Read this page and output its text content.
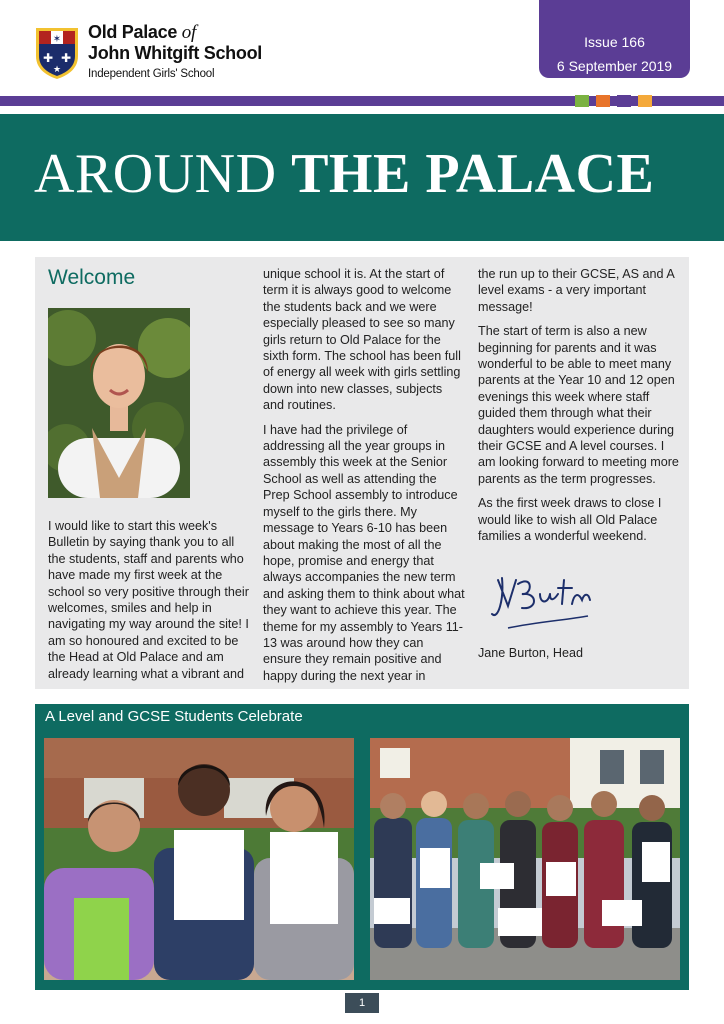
✶
✚ ✚
★
Old Palace of
John Whitgift School
Independent Girls' School
Issue 166
6 September 2019
AROUND THE PALACE
Welcome

I would like to start this week's Bulletin by saying thank you to all the students, staff and parents who have made my first week at the school so very positive through their welcomes, smiles and help in navigating my way around the site! I am so honoured and excited to be the Head at Old Palace and am already learning what a vibrant and

unique school it is. At the start of term it is always good to welcome the students back and we were especially pleased to see so many girls return to Old Palace for the sixth form. The school has been full of energy all week with girls settling down into new classes, subjects and routines.

I have had the privilege of addressing all the year groups in assembly this week at the Senior School as well as attending the Prep School assembly to introduce myself to the girls there. My message to Years 6-10 has been about making the most of all the hope, promise and energy that always accompanies the new term and asking them to think about what they want to achieve this year. The theme for my assembly to Years 11-13 was around how they can ensure they remain positive and happy during the next year in

the run up to their GCSE, AS and A level exams - a very important message!

The start of term is also a new beginning for parents and it was wonderful to be able to meet many parents at the Year 10 and 12 open evenings this week where staff guided them through what their daughters would experience during their GCSE and A level courses. I am looking forward to meeting more parents as the term progresses.

As the first week draws to close I would like to wish all Old Palace families a wonderful weekend.

Jane Burton, Head
A Level and GCSE Students Celebrate
1
